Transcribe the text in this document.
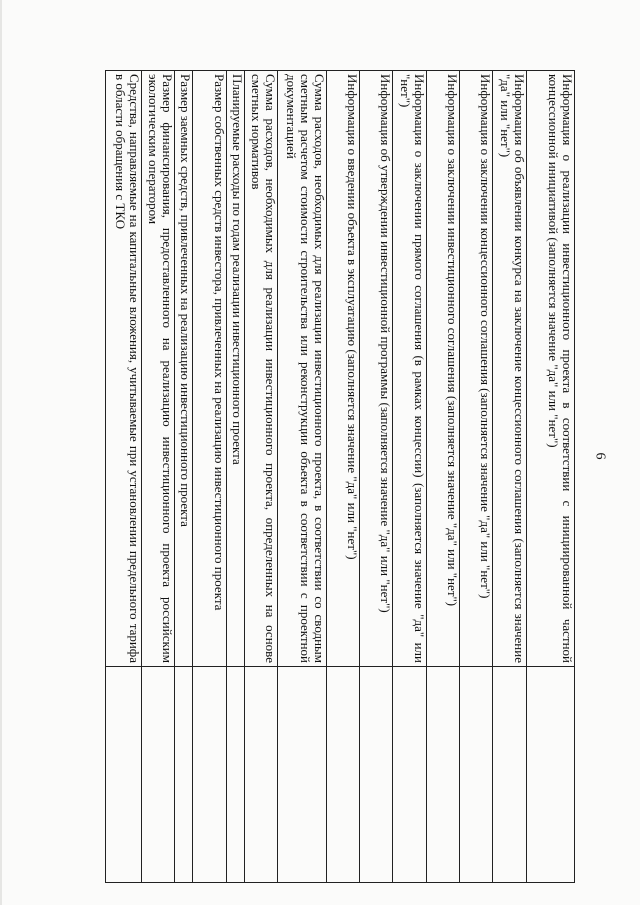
6
Информация о реализации инвестиционного проекта в соответствии с инициированной частной концессионной инициативой (заполняется значение "да" или "нет")	
Информация об объявлении конкурса на заключение концессионного соглашения (заполняется значение "да" или "нет")	
Информация о заключении концессионного соглашения (заполняется значение "да" или "нет")	
Информация о заключении инвестиционного соглашения (заполняется значение "да" или "нет")	
Информация о заключении прямого соглашения (в рамках концессии) (заполняется значение "да" или "нет")	
Информация об утверждении инвестиционной программы (заполняется значение "да" или "нет")	
Информация о введении объекта в эксплуатацию (заполняется значение "да" или "нет")	
Сумма расходов, необходимых для реализации инвестиционного проекта, в соответствии со сводным сметным расчетом стоимости строительства или реконструкции объекта в соответствии с проектной документацией	
Сумма расходов, необходимых для реализации инвестиционного проекта, определенных на основе сметных нормативов	
Планируемые расходы по годам реализации инвестиционного проекта	
Размер собственных средств инвестора, привлеченных на реализацию инвестиционного проекта	
Размер заемных средств, привлеченных на реализацию инвестиционного проекта	
Размер финансирования, предоставленного на реализацию инвестиционного проекта российским экологическим оператором	
Средства, направляемые на капитальные вложения, учитываемые при установлении предельного тарифа в области обращения с ТКО	
